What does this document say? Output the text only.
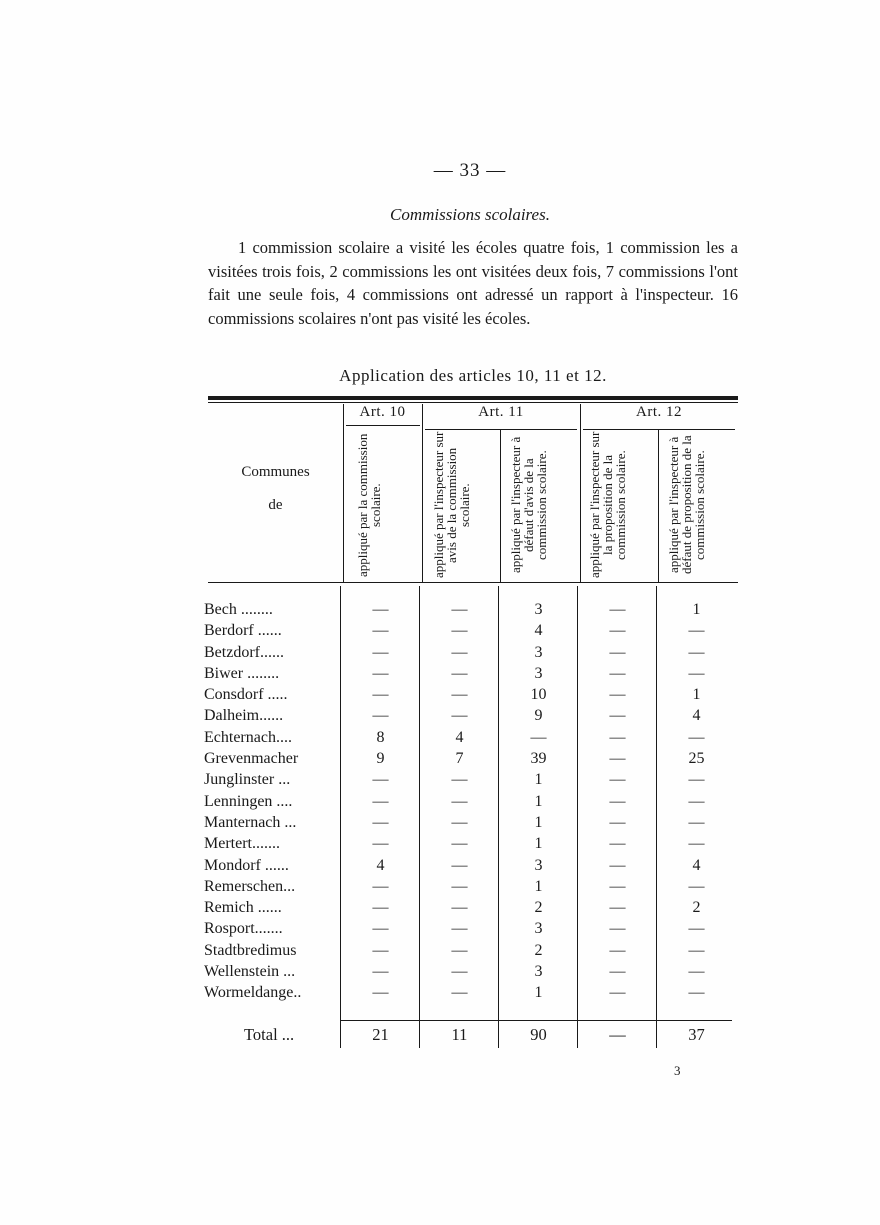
— 33 —
Commissions scolaires.
1 commission scolaire a visité les écoles quatre fois, 1 commission les a visitées trois fois, 2 commissions les ont visitées deux fois, 7 commissions l'ont fait une seule fois, 4 commissions ont adressé un rapport à l'inspecteur. 16 commissions scolaires n'ont pas visité les écoles.
Application des articles 10, 11 et 12.
Art. 10	Art. 11	Art. 12
Communes
de	appliqué par la commission scolaire.	appliqué par l'inspecteur sur avis de la commission scolaire.	appliqué par l'inspecteur à défaut d'avis de la commission scolaire.	appliqué par l'inspecteur sur la proposition de la commission scolaire.	appliqué par l'inspecteur à défaut de proposition de la commission scolaire.
Bech ........	—	—	3	—	1
Berdorf ......	—	—	4	—	—
Betzdorf......	—	—	3	—	—
Biwer ........	—	—	3	—	—
Consdorf .....	—	—	10	—	1
Dalheim......	—	—	9	—	4
Echternach....	8	4	—	—	—
Grevenmacher	9	7	39	—	25
Junglinster ...	—	—	1	—	—
Lenningen ....	—	—	1	—	—
Manternach ...	—	—	1	—	—
Mertert.......	—	—	1	—	—
Mondorf ......	4	—	3	—	4
Remerschen...	—	—	1	—	—
Remich ......	—	—	2	—	2
Rosport.......	—	—	3	—	—
Stadtbredimus	—	—	2	—	—
Wellenstein ...	—	—	3	—	—
Wormeldange..	—	—	1	—	—
Total ...	21	11	90	—	37
3
